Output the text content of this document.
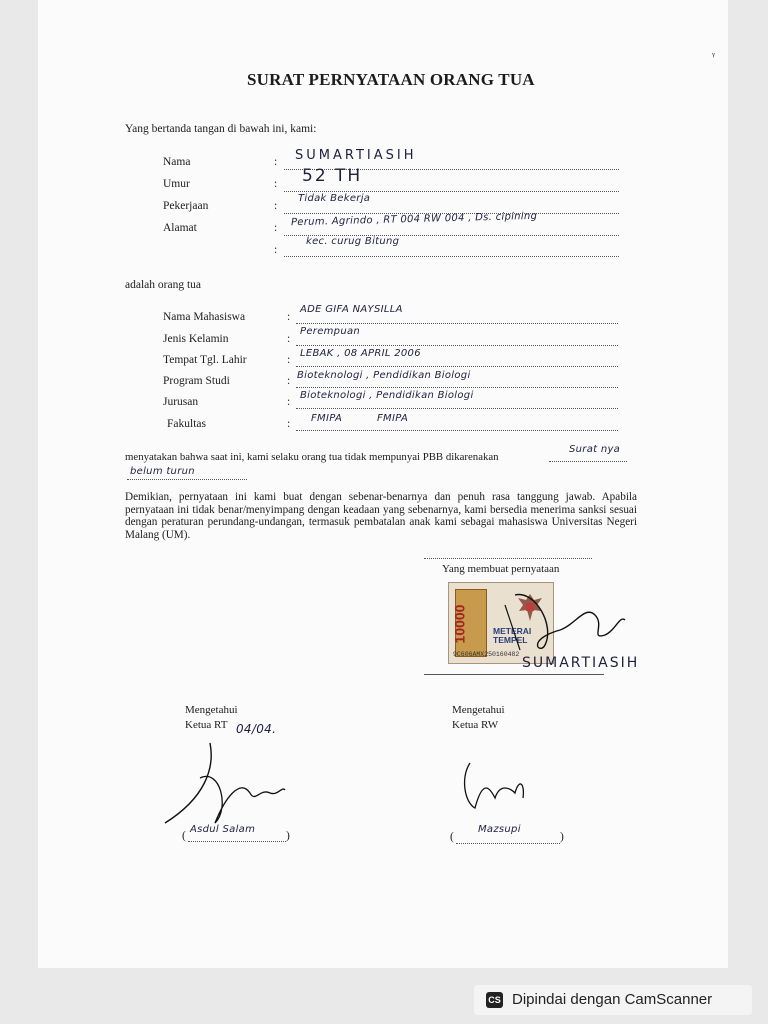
ᵞ
SURAT PERNYATAAN ORANG TUA
Yang bertanda tangan di bawah ini, kami:
Nama	: SUMARTIASIH
Umur	: 52 TH
Pekerjaan	:
Tidak Bekerja
Alamat	: Perum. Agrindo , RT 004 RW 004 , Ds. cipining
:
kec. curug Bitung
adalah orang tua
Nama Mahasiswa	:
ADE GIFA NAYSILLA
Jenis Kelamin	:
Perempuan
Tempat Tgl. Lahir	:
LEBAK , 08 APRIL 2006
Program Studi	: Bioteknologi , Pendidikan Biologi
Jurusan	:
Bioteknologi , Pendidikan Biologi
Fakultas	: FMIPA          FMIPA
menyatakan bahwa saat ini, kami selaku orang tua tidak mempunyai PBB dikarenakan
Surat nya
belum turun
Demikian, pernyataan ini kami buat dengan sebenar-benarnya dan penuh rasa tanggung jawab. Apabila pernyataan ini tidak benar/menyimpang dengan keadaan yang sebenarnya, kami bersedia menerima sanksi sesuai dengan peraturan perundang-undangan, termasuk pembatalan anak kami sebagai mahasiswa Universitas Negeri Malang (UM).
Yang membuat pernyataan
10000	METERAI
TEMPEL
9C606AMX250160482
SUMARTIASIH
Mengetahui
Ketua RT 04/04.
(
Asdul Salam
)
Mengetahui
Ketua RW
(
Mazsupi
)
CS Dipindai dengan CamScanner
